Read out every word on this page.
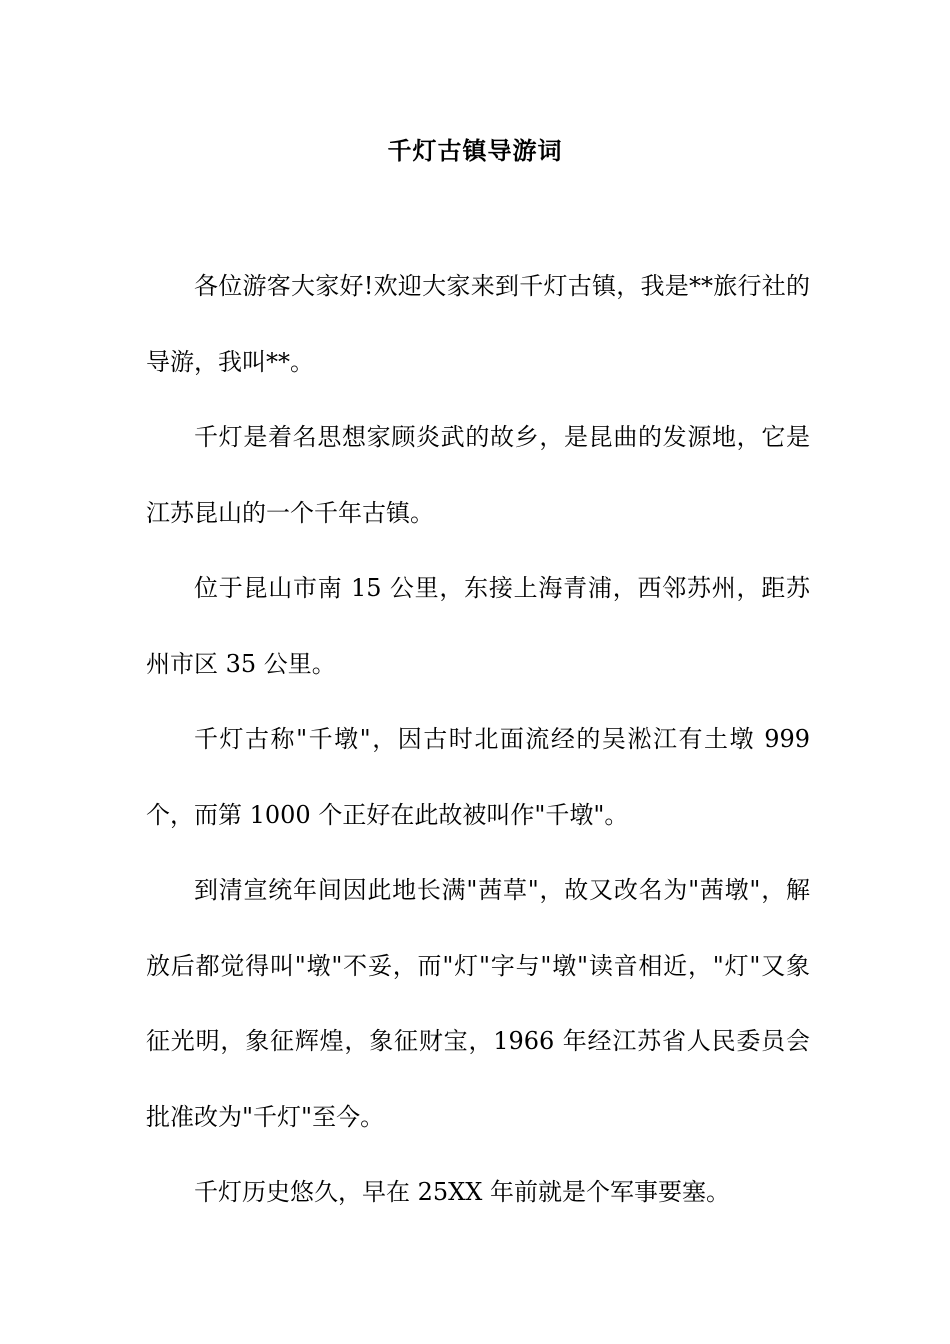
千灯古镇导游词

各位游客大家好!欢迎大家来到千灯古镇，我是**旅行社的导游，我叫**。

千灯是着名思想家顾炎武的故乡，是昆曲的发源地，它是江苏昆山的一个千年古镇。

位于昆山市南 15 公里，东接上海青浦，西邻苏州，距苏州市区 35 公里。

千灯古称"千墩"，因古时北面流经的吴淞江有土墩 999 个，而第 1000 个正好在此故被叫作"千墩"。

到清宣统年间因此地长满"茜草"，故又改名为"茜墩"，解放后都觉得叫"墩"不妥，而"灯"字与"墩"读音相近，"灯"又象征光明，象征辉煌，象征财宝，1966 年经江苏省人民委员会批准改为"千灯"至今。

千灯历史悠久，早在 25XX 年前就是个军事要塞。
